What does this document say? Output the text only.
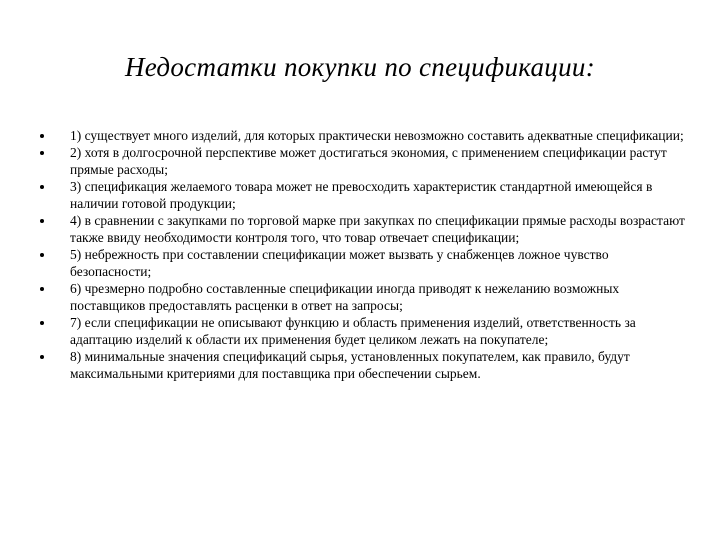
Недостатки покупки по спецификации:
1) существует много изделий, для которых практически невозможно составить адекватные спецификации;
2) хотя в долгосрочной перспективе может достигаться экономия, с применением спецификации растут прямые расходы;
3) спецификация желаемого товара может не превосходить характеристик стандартной имеющейся в наличии готовой продукции;
4) в сравнении с закупками по торговой марке при закупках по спецификации прямые расходы возрастают также ввиду необходимости контроля того, что товар отвечает спецификации;
5) небрежность при составлении спецификации может вызвать у снабженцев ложное чувство безопасности;
6) чрезмерно подробно составленные спецификации иногда приводят к нежеланию возможных поставщиков предоставлять расценки в ответ на запросы;
7) если спецификации не описывают функцию и область применения изделий, ответственность за адаптацию изделий к области их применения будет целиком лежать на покупателе;
8) минимальные значения спецификаций сырья, установленных покупателем, как правило, будут максимальными критериями для поставщика при обеспечении сырьем.
